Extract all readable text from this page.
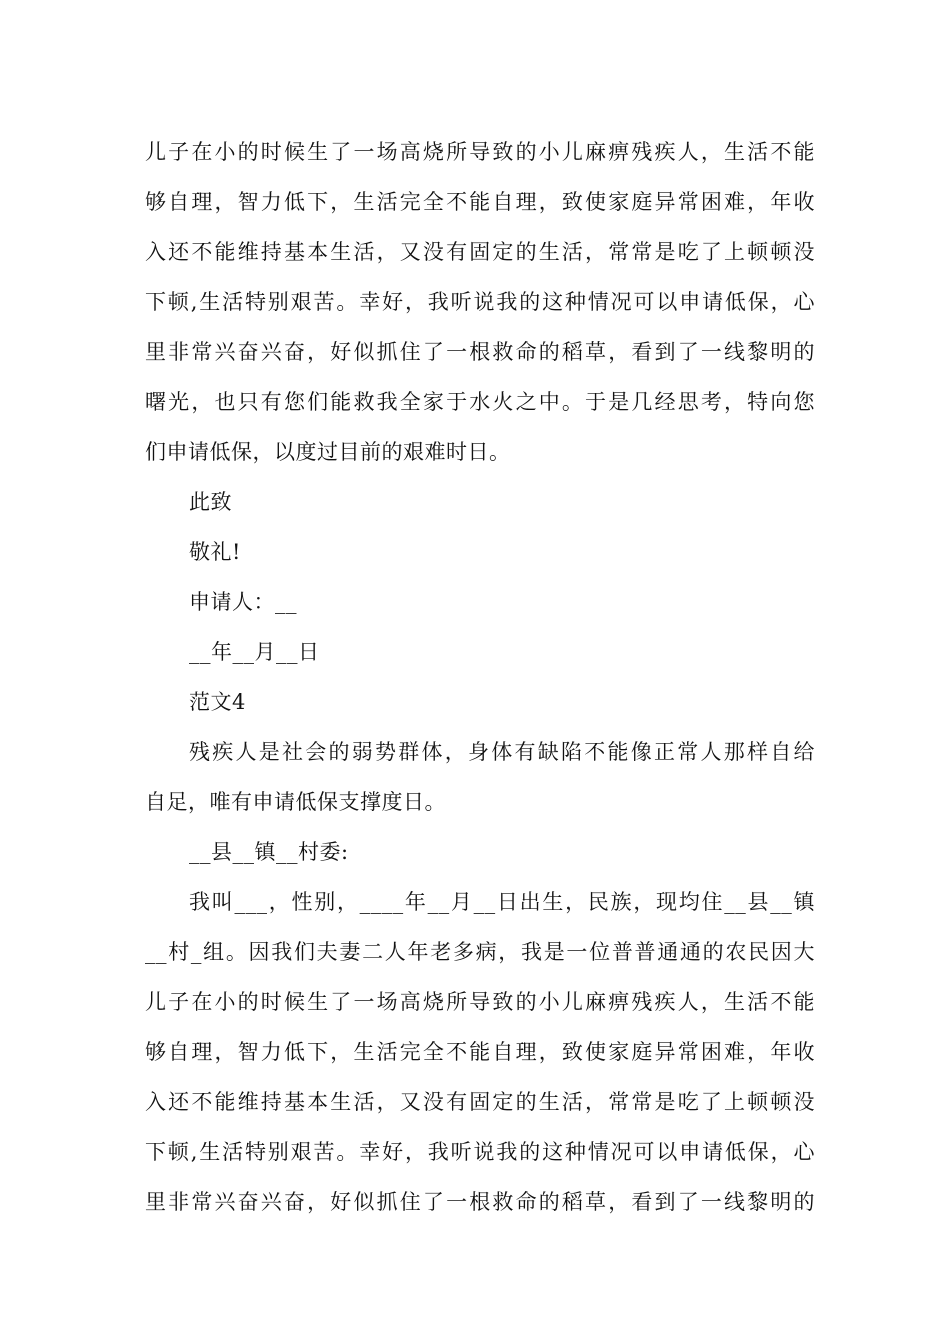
儿子在小的时候生了一场高烧所导致的小儿麻痹残疾人，生活不能
够自理，智力低下，生活完全不能自理，致使家庭异常困难，年收
入还不能维持基本生活，又没有固定的生活，常常是吃了上顿顿没
下顿,生活特别艰苦。幸好，我听说我的这种情况可以申请低保，心
里非常兴奋兴奋，好似抓住了一根救命的稻草，看到了一线黎明的
曙光，也只有您们能救我全家于水火之中。于是几经思考，特向您
们申请低保，以度过目前的艰难时日。
此致
敬礼!
申请人：__
__年__月__日
范文4
残疾人是社会的弱势群体，身体有缺陷不能像正常人那样自给
自足，唯有申请低保支撑度日。
__县__镇__村委:
我叫___，性别，____年__月__日出生，民族，现均住__县__镇
__村_组。因我们夫妻二人年老多病，我是一位普普通通的农民因大
儿子在小的时候生了一场高烧所导致的小儿麻痹残疾人，生活不能
够自理，智力低下，生活完全不能自理，致使家庭异常困难，年收
入还不能维持基本生活，又没有固定的生活，常常是吃了上顿顿没
下顿,生活特别艰苦。幸好，我听说我的这种情况可以申请低保，心
里非常兴奋兴奋，好似抓住了一根救命的稻草，看到了一线黎明的
